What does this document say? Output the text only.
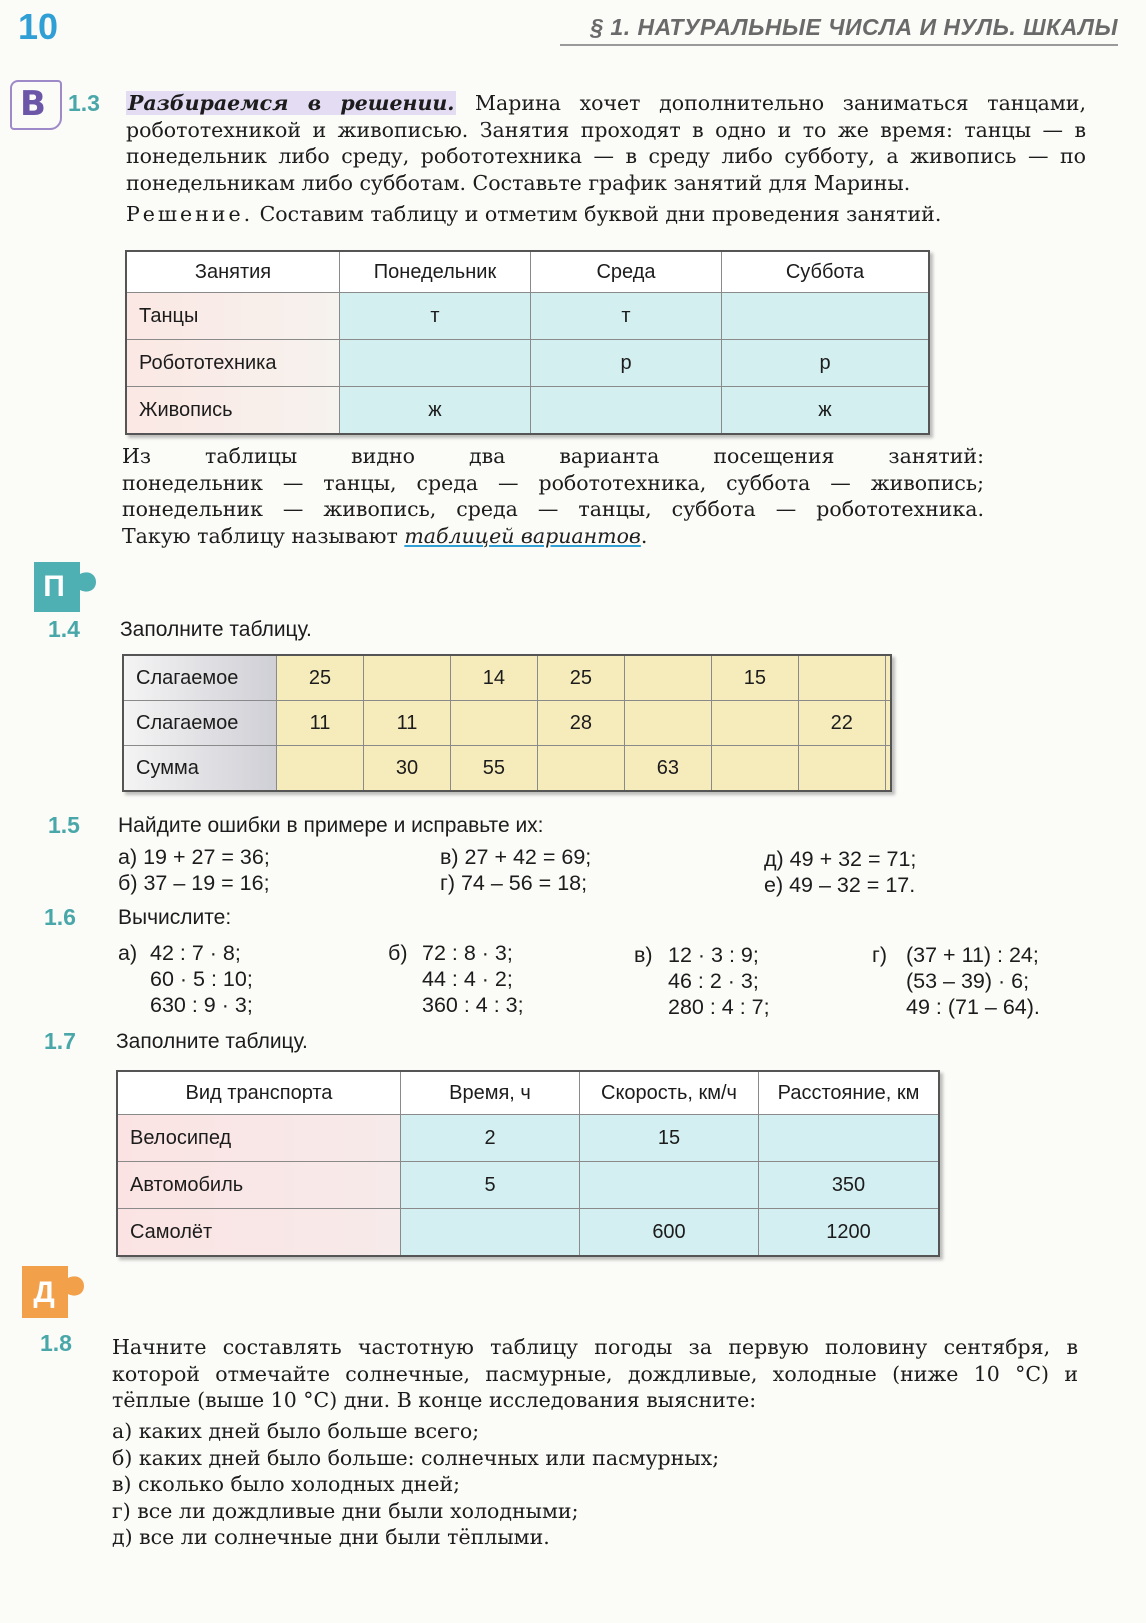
10	§ 1. НАТУРАЛЬНЫЕ ЧИСЛА И НУЛЬ. ШКАЛЫ
В 1.3 Разбираемся в решении. Марина хочет дополнительно заниматься танцами, робототехникой и живописью. Занятия проходят в одно и то же время: танцы — в понедельник либо среду, робототехника — в среду либо субботу, а живопись — по понедельникам либо субботам. Составьте график занятий для Марины.
Решение. Составим таблицу и отметим буквой дни проведения занятий.
Занятия	Понедельник	Среда	Суббота
Танцы	т	т	
Робототехника		р	р
Живопись	ж		ж
Из таблицы видно два варианта посещения занятий:
понедельник — танцы, среда — робототехника, суббота — живопись;
понедельник — живопись, среда — танцы, суббота — робототехника.
Такую таблицу называют таблицей вариантов.
П
1.4 Заполните таблицу.
Слагаемое	25		14	25		15		
Слагаемое	11	11		28			22	
Сумма		30	55		63			
1.5 Найдите ошибки в примере и исправьте их:
а) 19 + 27 = 36;
б) 37 – 19 = 16;
в) 27 + 42 = 69;
г) 74 – 56 = 18;
д) 49 + 32 = 71;
е) 49 – 32 = 17.
1.6 Вычислите:
а) 42 : 7 · 8;
60 · 5 : 10;
630 : 9 · 3;
б) 72 : 8 · 3;
44 : 4 · 2;
360 : 4 : 3;
в) 12 · 3 : 9;
46 : 2 · 3;
280 : 4 : 7;
г) (37 + 11) : 24;
(53 – 39) · 6;
49 : (71 – 64).
1.7 Заполните таблицу.
Вид транспорта	Время, ч	Скорость, км/ч	Расстояние, км
Велосипед	2	15	
Автомобиль	5		350
Самолёт		600	1200
Д
1.8 Начните составлять частотную таблицу погоды за первую половину сентября, в которой отмечайте солнечные, пасмурные, дождливые, холодные (ниже 10 °С) и тёплые (выше 10 °С) дни. В конце исследования выясните:
а) каких дней было больше всего;
б) каких дней было больше: солнечных или пасмурных;
в) сколько было холодных дней;
г) все ли дождливые дни были холодными;
д) все ли солнечные дни были тёплыми.
